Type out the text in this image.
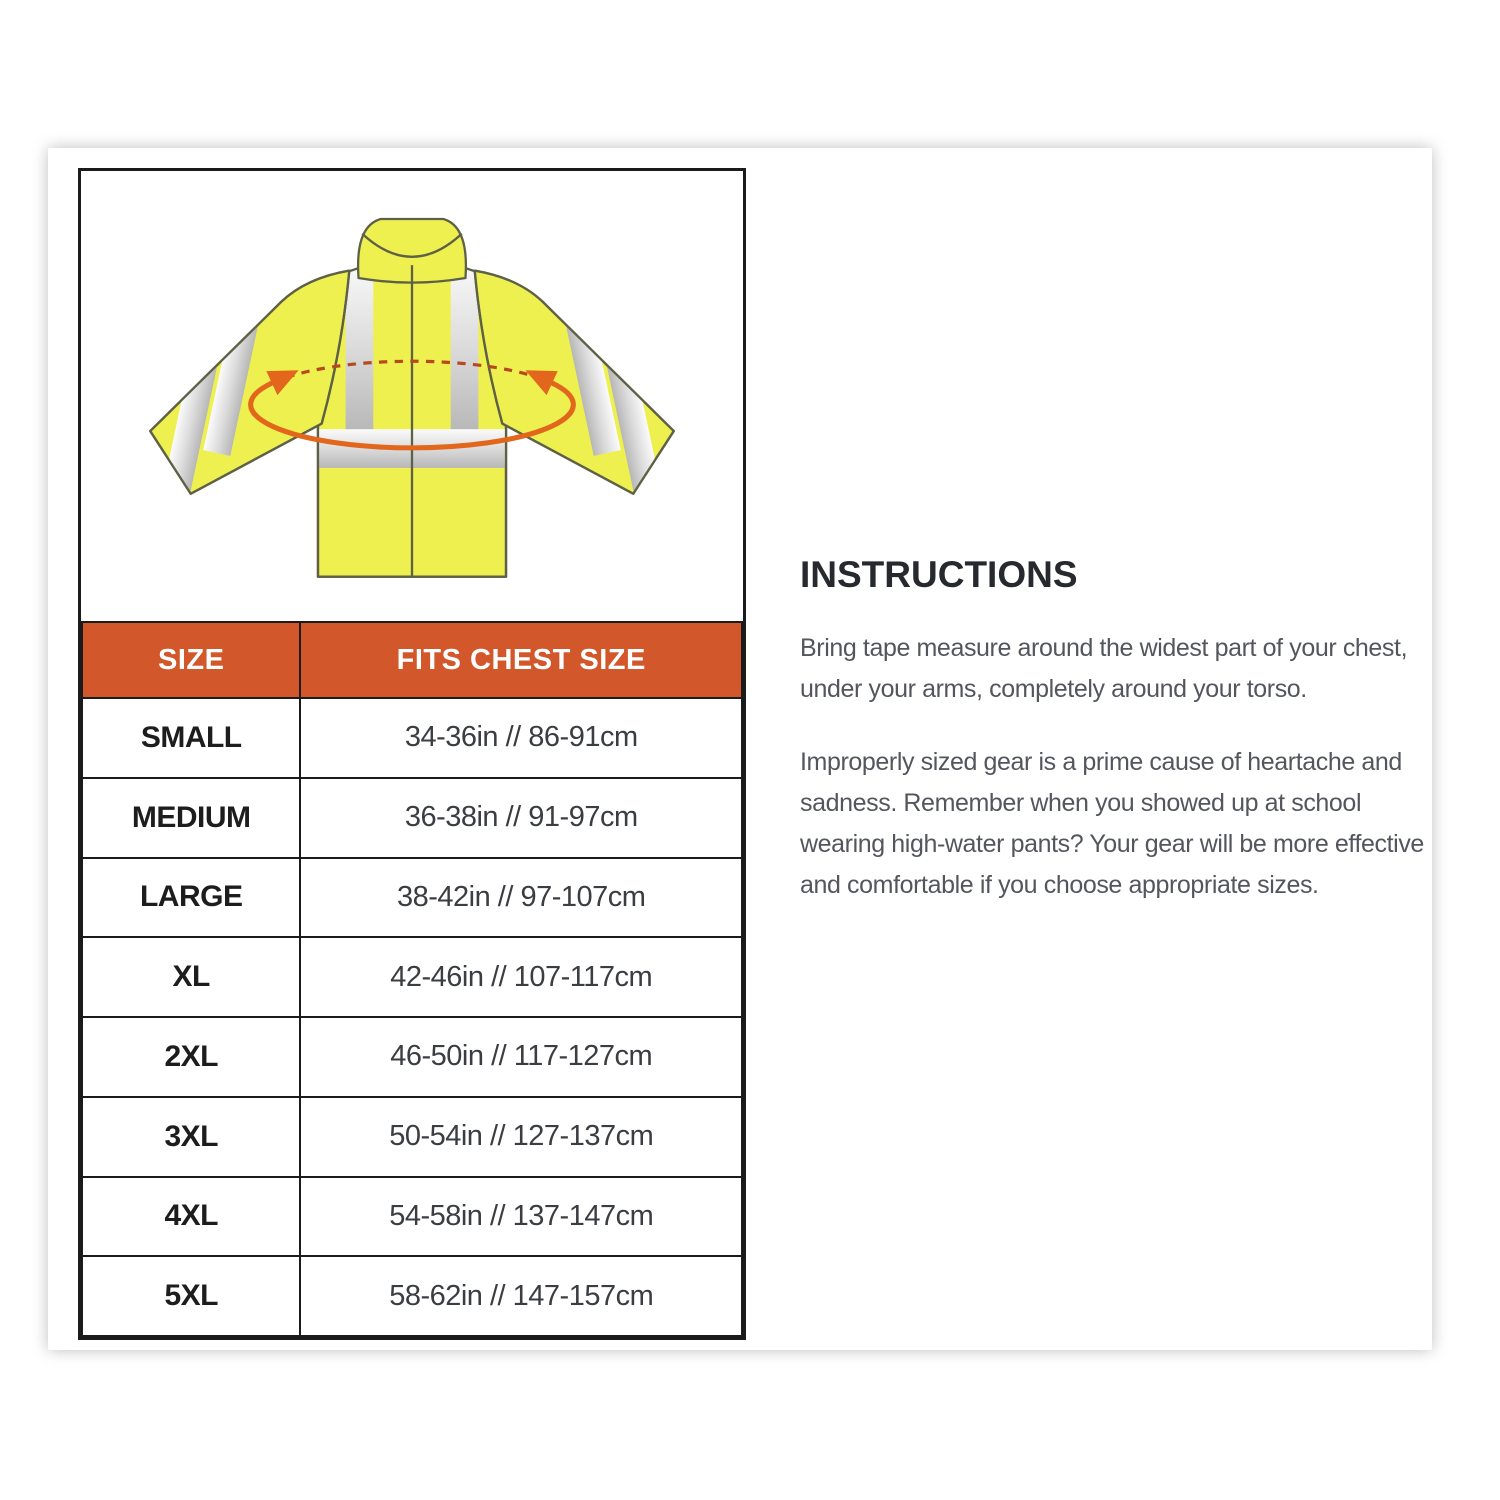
SIZE	FITS CHEST SIZE
SMALL	34-36in // 86-91cm
MEDIUM	36-38in // 91-97cm
LARGE	38-42in // 97-107cm
XL	42-46in // 107-117cm
2XL	46-50in // 117-127cm
3XL	50-54in // 127-137cm
4XL	54-58in // 137-147cm
5XL	58-62in // 147-157cm
INSTRUCTIONS

Bring tape measure around the widest part of your chest, under your arms, completely around your torso.

Improperly sized gear is a prime cause of heartache and sadness. Remember when you showed up at school wearing high-water pants? Your gear will be more effective and comfortable if you choose appropriate sizes.
